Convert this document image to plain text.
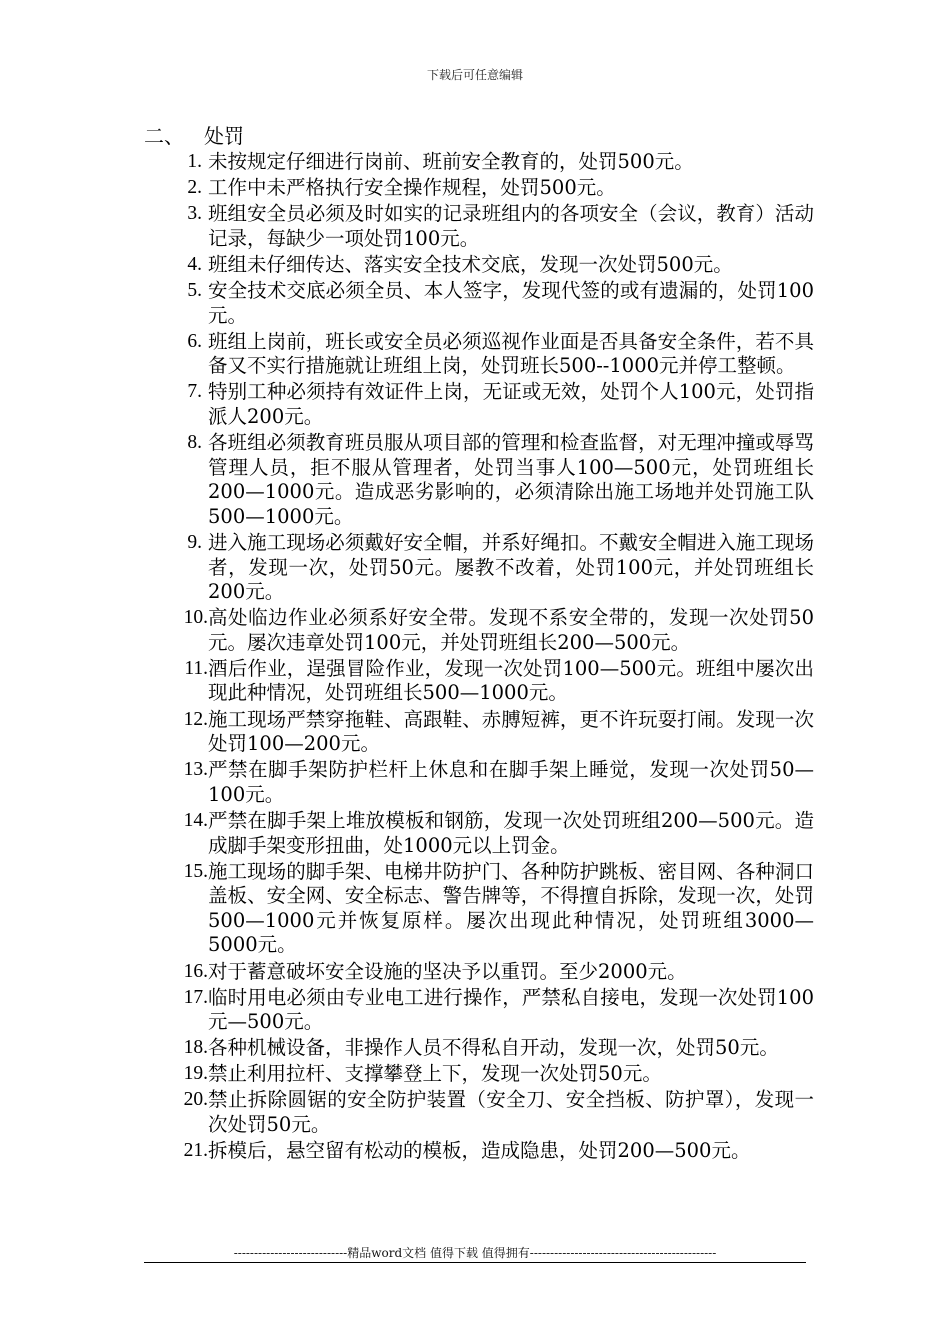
下载后可任意编辑
二、 处罚
1. 未按规定仔细进行岗前、班前安全教育的，处罚500元。
2. 工作中未严格执行安全操作规程，处罚500元。
3. 班组安全员必须及时如实的记录班组内的各项安全（会议，教育）活动记录，每缺少一项处罚100元。
4. 班组未仔细传达、落实安全技术交底，发现一次处罚500元。
5. 安全技术交底必须全员、本人签字，发现代签的或有遗漏的，处罚100元。
6. 班组上岗前，班长或安全员必须巡视作业面是否具备安全条件，若不具备又不实行措施就让班组上岗，处罚班长500--1000元并停工整顿。
7. 特别工种必须持有效证件上岗，无证或无效，处罚个人100元，处罚指派人200元。
8. 各班组必须教育班员服从项目部的管理和检查监督，对无理冲撞或辱骂管理人员，拒不服从管理者，处罚当事人100—500元，处罚班组长200—1000元。造成恶劣影响的，必须清除出施工场地并处罚施工队500—1000元。
9. 进入施工现场必须戴好安全帽，并系好绳扣。不戴安全帽进入施工现场者，发现一次，处罚50元。屡教不改着，处罚100元，并处罚班组长200元。
10. 高处临边作业必须系好安全带。发现不系安全带的，发现一次处罚50元。屡次违章处罚100元，并处罚班组长200—500元。
11. 酒后作业，逞强冒险作业，发现一次处罚100—500元。班组中屡次出现此种情况，处罚班组长500—1000元。
12. 施工现场严禁穿拖鞋、高跟鞋、赤膊短裤，更不许玩耍打闹。发现一次处罚100—200元。
13. 严禁在脚手架防护栏杆上休息和在脚手架上睡觉，发现一次处罚50—100元。
14. 严禁在脚手架上堆放模板和钢筋，发现一次处罚班组200—500元。造成脚手架变形扭曲，处1000元以上罚金。
15. 施工现场的脚手架、电梯井防护门、各种防护跳板、密目网、各种洞口盖板、安全网、安全标志、警告牌等，不得擅自拆除，发现一次，处罚500—1000元并恢复原样。屡次出现此种情况，处罚班组3000—5000元。
16. 对于蓄意破坏安全设施的坚决予以重罚。至少2000元。
17. 临时用电必须由专业电工进行操作，严禁私自接电，发现一次处罚100元—500元。
18. 各种机械设备，非操作人员不得私自开动，发现一次，处罚50元。
19. 禁止利用拉杆、支撑攀登上下，发现一次处罚50元。
20. 禁止拆除圆锯的安全防护装置（安全刀、安全挡板、防护罩），发现一次处罚50元。
21. 拆模后，悬空留有松动的模板，造成隐患，处罚200—500元。
----------------------------精品word文档 值得下载 值得拥有----------------------------------------------
